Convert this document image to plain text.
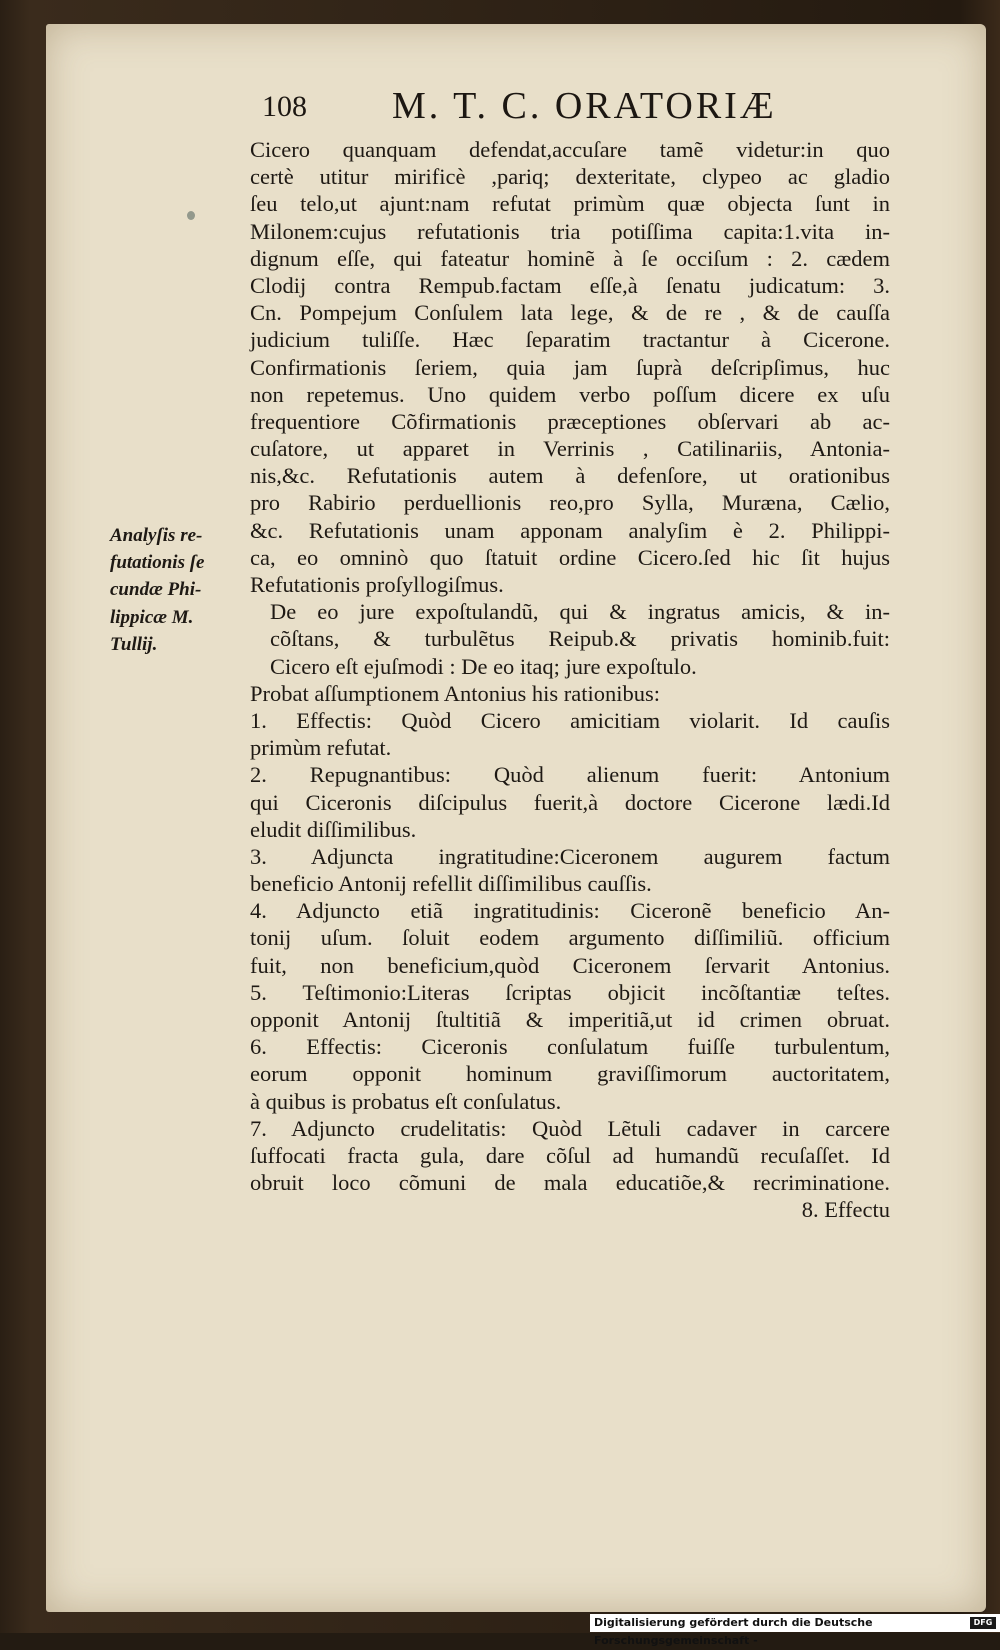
108 M. T. C. ORATORIÆ
Analyſis re-
futationis ſe
cundæ Phi-
lippicæ M.
Tullij.
Cicero quanquam defendat,accuſare tamẽ videtur:in quo
certè utitur mirificè ,pariq; dexteritate, clypeo ac gladio
ſeu telo,ut ajunt:nam refutat primùm quæ objecta ſunt in
Milonem:cujus refutationis tria potiſſima capita:1.vita in-
dignum eſſe, qui fateatur hominẽ à ſe occiſum : 2. cædem
Clodij contra Rempub.factam eſſe,à ſenatu judicatum: 3.
Cn. Pompejum Conſulem lata lege, & de re , & de cauſſa
judicium tuliſſe. Hæc ſeparatim tractantur à Cicerone.
Confirmationis ſeriem, quia jam ſuprà deſcripſimus, huc
non repetemus. Uno quidem verbo poſſum dicere ex uſu
frequentiore Cõfirmationis præceptiones obſervari ab ac-
cuſatore, ut apparet in Verrinis , Catilinariis, Antonia-
nis,&c. Refutationis autem à defenſore, ut orationibus
pro Rabirio perduellionis reo,pro Sylla, Muræna, Cælio,
&c. Refutationis unam apponam analyſim è 2. Philippi-
ca, eo omninò quo ſtatuit ordine Cicero.ſed hic ſit hujus
Refutationis proſyllogiſmus.
De eo jure expoſtulandũ, qui & ingratus amicis, & in-
cõſtans, & turbulẽtus Reipub.& privatis hominib.fuit:
Cicero eſt ejuſmodi : De eo itaq; jure expoſtulo.
Probat aſſumptionem Antonius his rationibus:
1. Effectis: Quòd Cicero amicitiam violarit. Id cauſis
primùm refutat.
2. Repugnantibus: Quòd alienum fuerit: Antonium
qui Ciceronis diſcipulus fuerit,à doctore Cicerone lædi.Id
eludit diſſimilibus.
3. Adjuncta ingratitudine:Ciceronem augurem factum
beneficio Antonij refellit diſſimilibus cauſſis.
4. Adjuncto etiã ingratitudinis: Ciceronẽ beneficio An-
tonij uſum. ſoluit eodem argumento diſſimiliũ. officium
fuit, non beneficium,quòd Ciceronem ſervarit Antonius.
5. Teſtimonio:Literas ſcriptas objicit incõſtantiæ teſtes.
opponit Antonij ſtultitiã & imperitiã,ut id crimen obruat.
6. Effectis: Ciceronis conſulatum fuiſſe turbulentum,
eorum opponit hominum graviſſimorum auctoritatem,
à quibus is probatus eſt conſulatus.
7. Adjuncto crudelitatis: Quòd Lẽtuli cadaver in carcere
ſuffocati fracta gula, dare cõſul ad humandũ recuſaſſet. Id
obruit loco cõmuni de mala educatiõe,& recriminatione.
8. Effectu
Digitalisierung gefördert durch die Deutsche Forschungsgemeinschaft -
DFG
